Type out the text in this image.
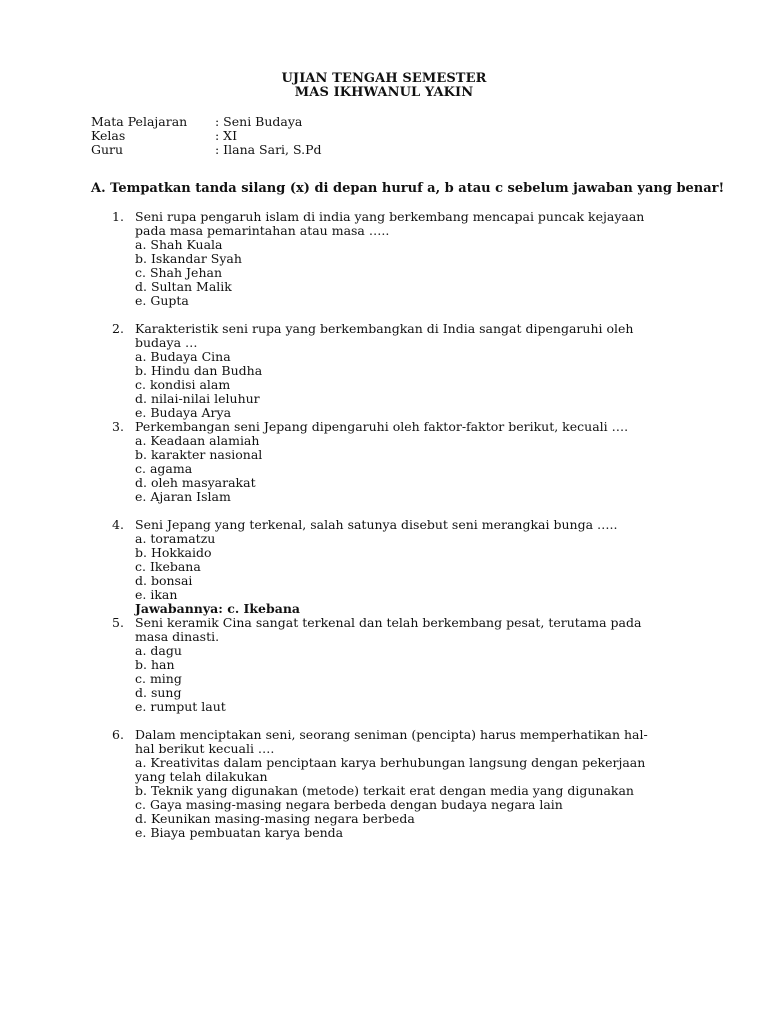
UJIAN TENGAH SEMESTER
MAS IKHWANUL YAKIN
Mata Pelajaran	: Seni Budaya
Kelas	: XI
Guru	: Ilana Sari, S.Pd
A. Tempatkan tanda silang (x) di depan huruf a, b atau c sebelum jawaban yang benar!
1. Seni rupa pengaruh islam di india yang berkembang mencapai puncak kejayaan pada masa pemarintahan atau masa …..
a. Shah Kuala
b. Iskandar Syah
c. Shah Jehan
d. Sultan Malik
e. Gupta
2. Karakteristik seni rupa yang berkembangkan di India sangat dipengaruhi oleh budaya …
a. Budaya Cina
b. Hindu dan Budha
c. kondisi alam
d. nilai-nilai leluhur
e. Budaya Arya
3. Perkembangan seni Jepang dipengaruhi oleh faktor-faktor berikut, kecuali ….
a. Keadaan alamiah
b. karakter nasional
c. agama
d. oleh masyarakat
e. Ajaran Islam
4. Seni Jepang yang terkenal, salah satunya disebut seni merangkai bunga …..
a. toramatzu
b. Hokkaido
c. Ikebana
d. bonsai
e. ikan
Jawabannya: c. Ikebana
5. Seni keramik Cina sangat terkenal dan telah berkembang pesat, terutama pada masa dinasti.
a. dagu
b. han
c. ming
d. sung
e. rumput laut
6. Dalam menciptakan seni, seorang seniman (pencipta) harus memperhatikan hal-hal berikut kecuali ….
a. Kreativitas dalam penciptaan karya berhubungan langsung dengan pekerjaan yang telah dilakukan
b. Teknik yang digunakan (metode) terkait erat dengan media yang digunakan
c. Gaya masing-masing negara berbeda dengan budaya negara lain
d. Keunikan masing-masing negara berbeda
e. Biaya pembuatan karya benda
